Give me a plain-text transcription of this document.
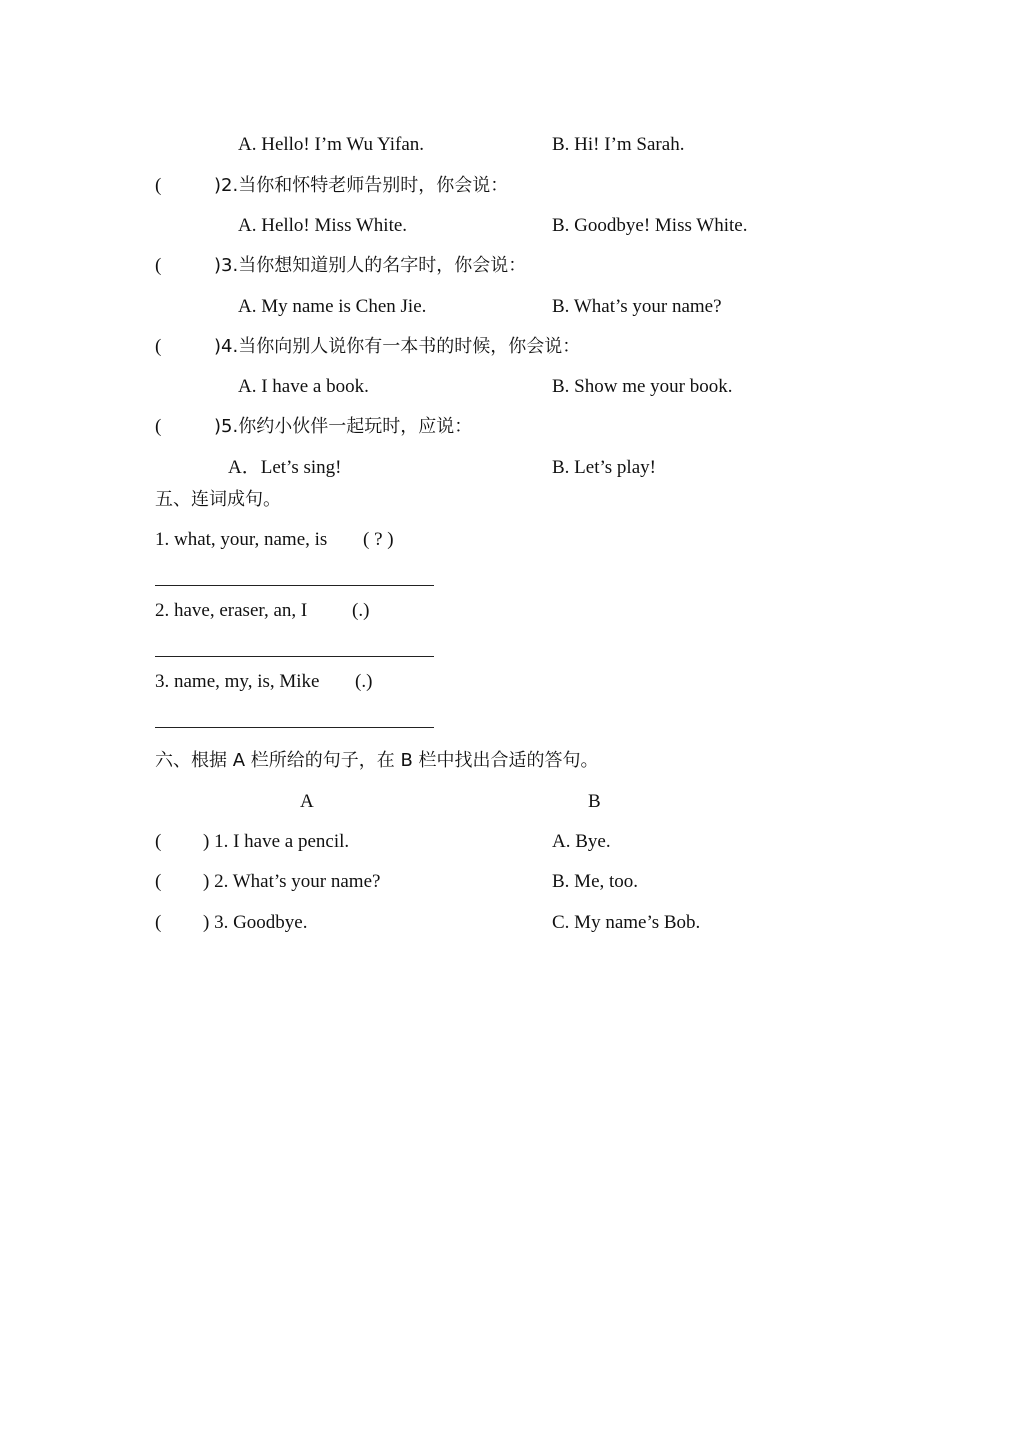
A. Hello! I’m Wu Yifan.	B. Hi! I’m Sarah.
(	)2.当你和怀特老师告别时，你会说：
A. Hello! Miss White.	B. Goodbye! Miss White.
(	)3.当你想知道别人的名字时，你会说：
A. My name is Chen Jie.	B. What’s your name?
(	)4.当你向别人说你有一本书的时候，你会说：
A. I have a book.	B. Show me your book.
(	)5.你约小伙伴一起玩时，应说：
A．Let’s sing!	B. Let’s play!
五、连词成句。
1. what, your, name, is ( ? )
2. have, eraser, an, I (.)
3. name, my, is, Mike (.)
六、根据 A 栏所给的句子，在 B 栏中找出合适的答句。
A	B
( ) 1. I have a pencil.	A. Bye.
( ) 2. What’s your name?	B. Me, too.
( ) 3. Goodbye.	C. My name’s Bob.
